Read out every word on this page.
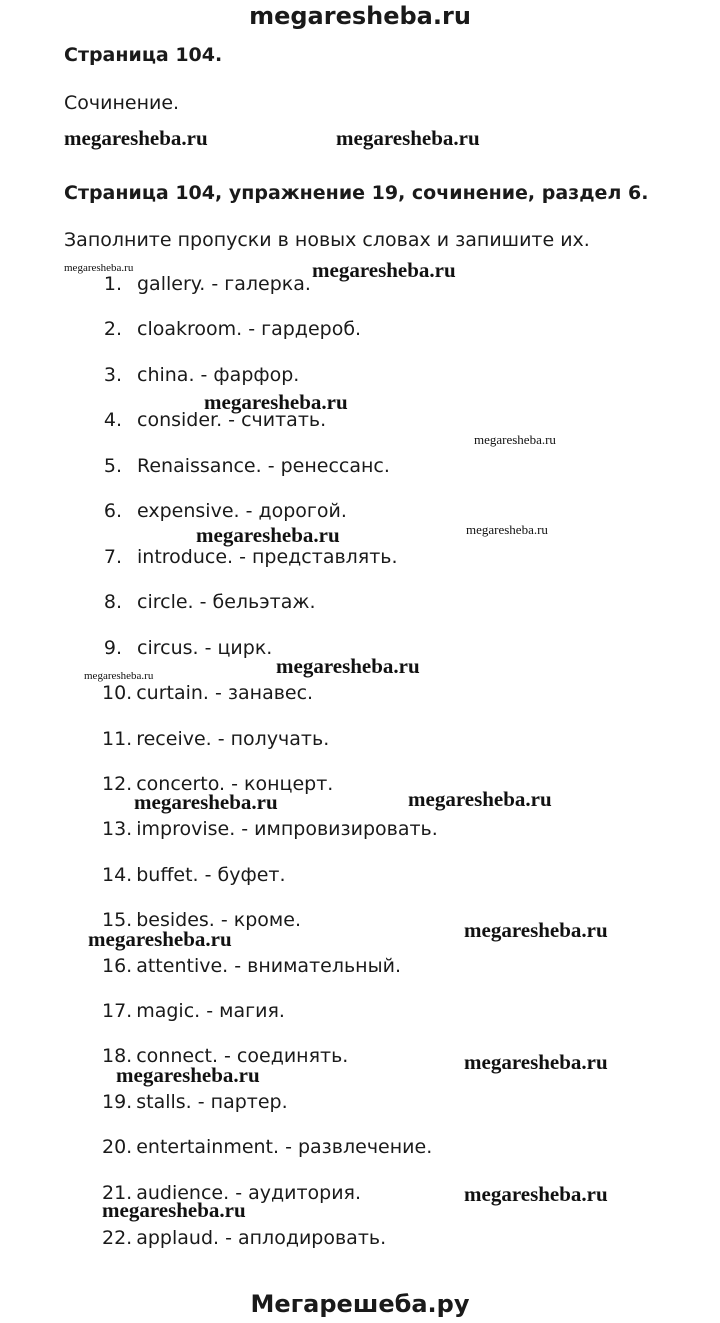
megaresheba.ru
Страница 104.
Сочинение.
megaresheba.ru	megaresheba.ru
Страница 104, упражнение 19, сочинение, раздел 6.
Заполните пропуски в новых словах и запишите их.
megaresheba.ru	megaresheba.ru
megaresheba.ru
megaresheba.ru
megaresheba.ru	megaresheba.ru
megaresheba.ru
megaresheba.ru
megaresheba.ru	megaresheba.ru
megaresheba.ru	megaresheba.ru
megaresheba.ru
megaresheba.ru
megaresheba.ru
megaresheba.ru
1. gallery. - галерка.
2. cloakroom. - гардероб.
3. china. - фарфор.
4. consider. - считать.
5. Renaissance. - ренессанс.
6. expensive. - дорогой.
7. introduce. - представлять.
8. circle. - бельэтаж.
9. circus. - цирк.
10. curtain. - занавес.
11. receive. - получать.
12. concerto. - концерт.
13. improvise. - импровизировать.
14. buffet. - буфет.
15. besides. - кроме.
16. attentive. - внимательный.
17. magic. - магия.
18. connect. - соединять.
19. stalls. - партер.
20. entertainment. - развлечение.
21. audience. - аудитория.
22. applaud. - аплодировать.
Мегарешеба.ру
